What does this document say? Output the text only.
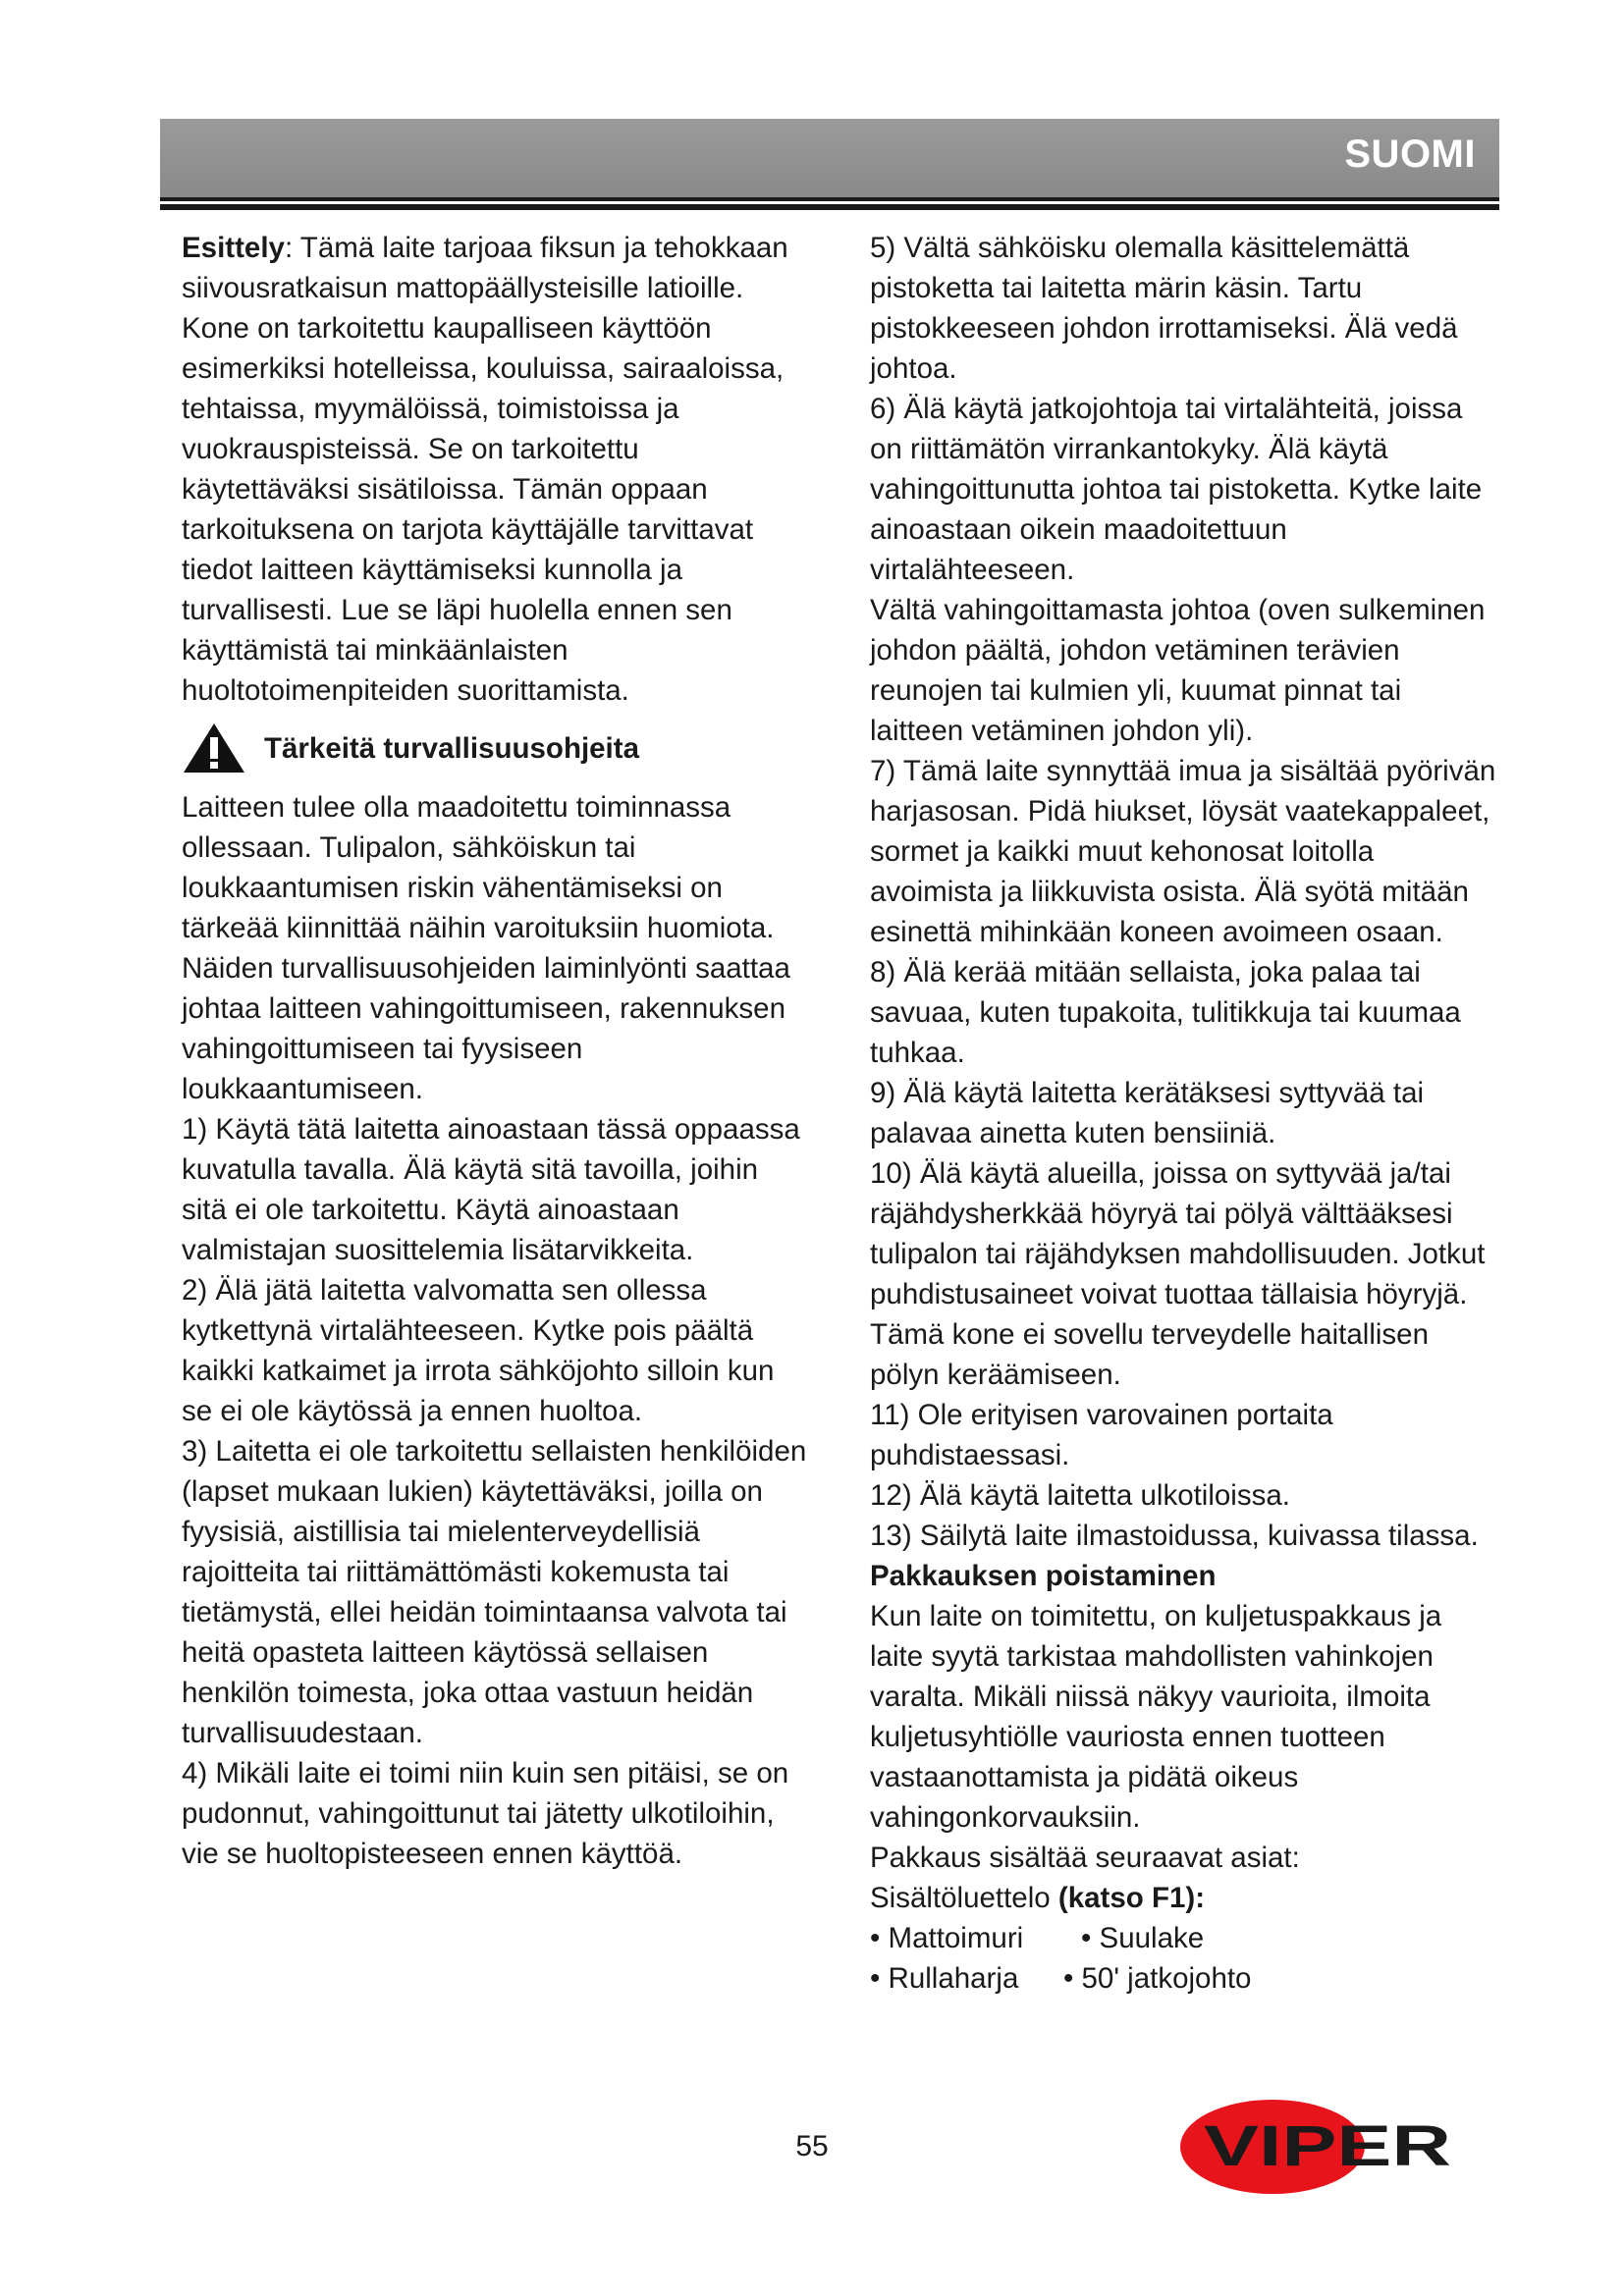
SUOMI

Esittely: Tämä laite tarjoaa fiksun ja tehokkaan siivousratkaisun mattopäällysteisille latioille. Kone on tarkoitettu kaupalliseen käyttöön esimerkiksi hotelleissa, kouluissa, sairaaloissa, tehtaissa, myymälöissä, toimistoissa ja vuokrauspisteissä. Se on tarkoitettu käytettäväksi sisätiloissa. Tämän oppaan tarkoituksena on tarjota käyttäjälle tarvittavat tiedot laitteen käyttämiseksi kunnolla ja turvallisesti. Lue se läpi huolella ennen sen käyttämistä tai minkäänlaisten huoltotoimenpiteiden suorittamista.

Tärkeitä turvallisuusohjeita

Laitteen tulee olla maadoitettu toiminnassa ollessaan. Tulipalon, sähköiskun tai loukkaantumisen riskin vähentämiseksi on tärkeää kiinnittää näihin varoituksiin huomiota. Näiden turvallisuusohjeiden laiminlyönti saattaa johtaa laitteen vahingoittumiseen, rakennuksen vahingoittumiseen tai fyysiseen loukkaantumiseen.

1) Käytä tätä laitetta ainoastaan tässä oppaassa kuvatulla tavalla. Älä käytä sitä tavoilla, joihin sitä ei ole tarkoitettu. Käytä ainoastaan valmistajan suosittelemia lisätarvikkeita.

2) Älä jätä laitetta valvomatta sen ollessa kytkettynä virtalähteeseen. Kytke pois päältä kaikki katkaimet ja irrota sähköjohto silloin kun se ei ole käytössä ja ennen huoltoa.

3) Laitetta ei ole tarkoitettu sellaisten henkilöiden (lapset mukaan lukien) käytettäväksi, joilla on fyysisiä, aistillisia tai mielenterveydellisiä rajoitteita tai riittämättömästi kokemusta tai tietämystä, ellei heidän toimintaansa valvota tai heitä opasteta laitteen käytössä sellaisen henkilön toimesta, joka ottaa vastuun heidän turvallisuudestaan.

4) Mikäli laite ei toimi niin kuin sen pitäisi, se on pudonnut, vahingoittunut tai jätetty ulkotiloihin, vie se huoltopisteeseen ennen käyttöä.

5) Vältä sähköisku olemalla käsittelemättä pistoketta tai laitetta märin käsin. Tartu pistokkeeseen johdon irrottamiseksi. Älä vedä johtoa.

6) Älä käytä jatkojohtoja tai virtalähteitä, joissa on riittämätön virrankantokyky. Älä käytä vahingoittunutta johtoa tai pistoketta. Kytke laite ainoastaan oikein maadoitettuun virtalähteeseen.

Vältä vahingoittamasta johtoa (oven sulkeminen johdon päältä, johdon vetäminen terävien reunojen tai kulmien yli, kuumat pinnat tai laitteen vetäminen johdon yli).

7) Tämä laite synnyttää imua ja sisältää pyörivän harjasosan. Pidä hiukset, löysät vaatekappaleet, sormet ja kaikki muut kehonosat loitolla avoimista ja liikkuvista osista. Älä syötä mitään esinettä mihinkään koneen avoimeen osaan.

8) Älä kerää mitään sellaista, joka palaa tai savuaa, kuten tupakoita, tulitikkuja tai kuumaa tuhkaa.

9) Älä käytä laitetta kerätäksesi syttyvää tai palavaa ainetta kuten bensiiniä.

10) Älä käytä alueilla, joissa on syttyvää ja/tai räjähdysherkkää höyryä tai pölyä välttääksesi tulipalon tai räjähdyksen mahdollisuuden. Jotkut puhdistusaineet voivat tuottaa tällaisia höyryjä. Tämä kone ei sovellu terveydelle haitallisen pölyn keräämiseen.

11) Ole erityisen varovainen portaita puhdistaessasi.

12) Älä käytä laitetta ulkotiloissa.

13) Säilytä laite ilmastoidussa, kuivassa tilassa.

Pakkauksen poistaminen

Kun laite on toimitettu, on kuljetuspakkaus ja laite syytä tarkistaa mahdollisten vahinkojen varalta. Mikäli niissä näkyy vaurioita, ilmoita kuljetusyhtiölle vauriosta ennen tuotteen vastaanottamista ja pidätä oikeus vahingonkorvauksiin.

Pakkaus sisältää seuraavat asiat:

Sisältöluettelo (katso F1):

• Mattoimuri	• Suulake
• Rullaharja	• 50' jatkojohto
55	VIPER
